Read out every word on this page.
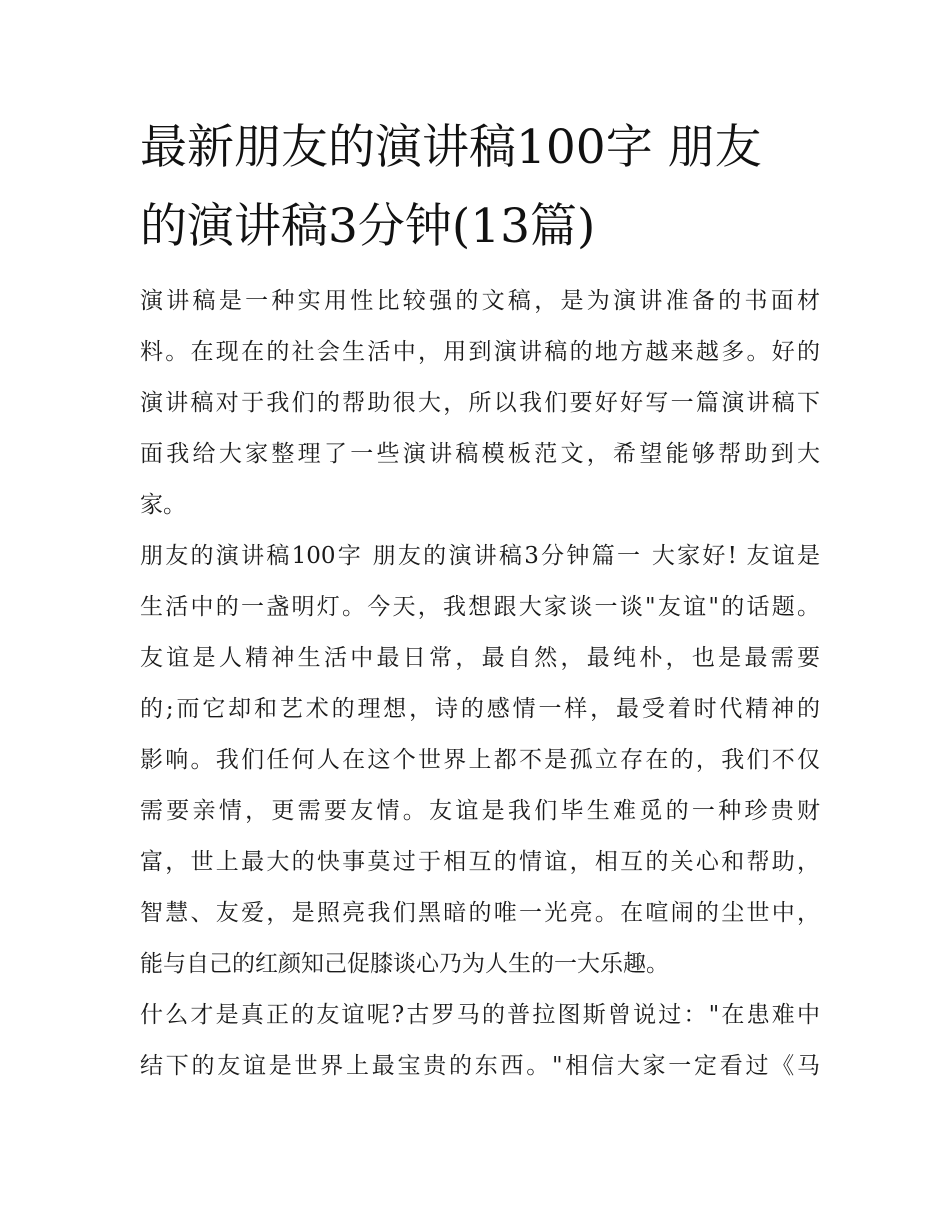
最新朋友的演讲稿100字 朋友
的演讲稿3分钟(13篇)
演讲稿是一种实用性比较强的文稿，是为演讲准备的书面材
料。在现在的社会生活中，用到演讲稿的地方越来越多。好的
演讲稿对于我们的帮助很大，所以我们要好好写一篇演讲稿下
面我给大家整理了一些演讲稿模板范文，希望能够帮助到大
家。
朋友的演讲稿100字 朋友的演讲稿3分钟篇一 大家好! 友谊是
生活中的一盏明灯。今天，我想跟大家谈一谈"友谊"的话题。
友谊是人精神生活中最日常，最自然，最纯朴，也是最需要
的;而它却和艺术的理想，诗的感情一样，最受着时代精神的
影响。我们任何人在这个世界上都不是孤立存在的，我们不仅
需要亲情，更需要友情。友谊是我们毕生难觅的一种珍贵财
富，世上最大的快事莫过于相互的情谊，相互的关心和帮助，
智慧、友爱，是照亮我们黑暗的唯一光亮。在喧闹的尘世中，
能与自己的红颜知己促膝谈心乃为人生的一大乐趣。
什么才是真正的友谊呢?古罗马的普拉图斯曾说过："在患难中
结下的友谊是世界上最宝贵的东西。"相信大家一定看过《马
